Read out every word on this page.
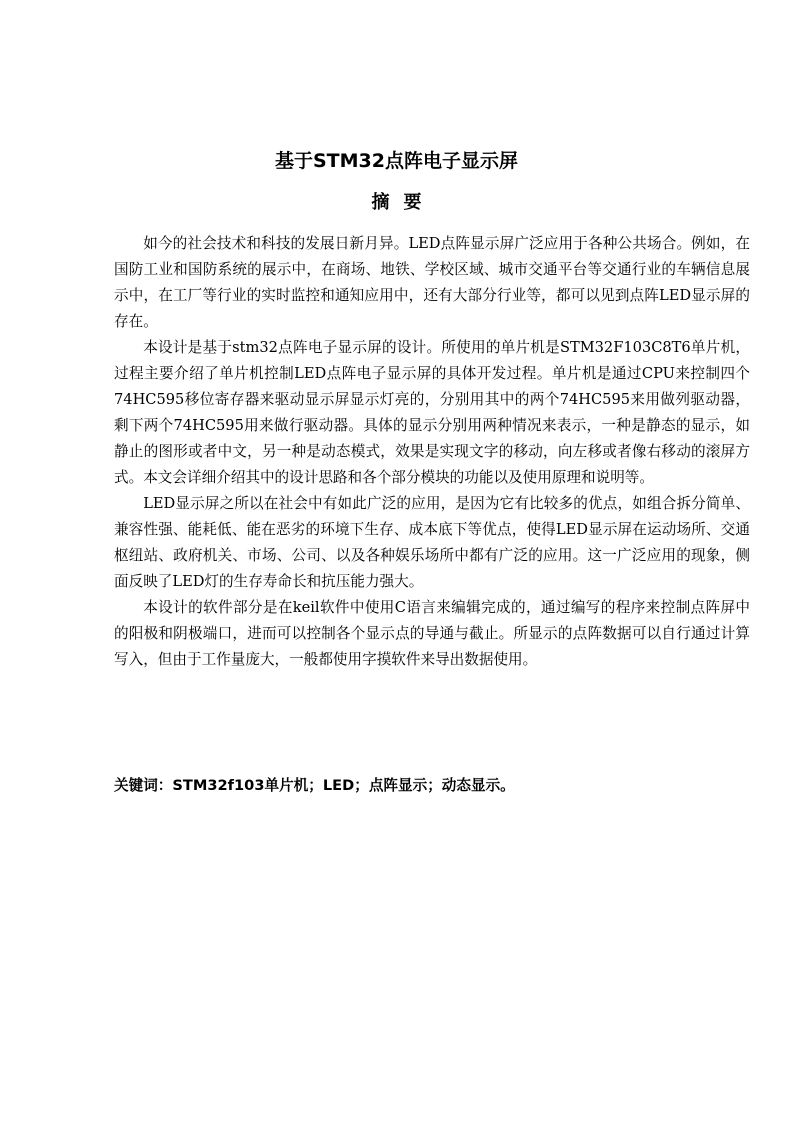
基于STM32点阵电子显示屏
摘要

如今的社会技术和科技的发展日新月异。LED点阵显示屏广泛应用于各种公共场合。例如，在国防工业和国防系统的展示中，在商场、地铁、学校区域、城市交通平台等交通行业的车辆信息展示中，在工厂等行业的实时监控和通知应用中，还有大部分行业等，都可以见到点阵LED显示屏的存在。

本设计是基于stm32点阵电子显示屏的设计。所使用的单片机是STM32F103C8T6单片机，过程主要介绍了单片机控制LED点阵电子显示屏的具体开发过程。单片机是通过CPU来控制四个74HC595移位寄存器来驱动显示屏显示灯亮的，分别用其中的两个74HC595来用做列驱动器，剩下两个74HC595用来做行驱动器。具体的显示分别用两种情况来表示，一种是静态的显示，如静止的图形或者中文，另一种是动态模式，效果是实现文字的移动，向左移或者像右移动的滚屏方式。本文会详细介绍其中的设计思路和各个部分模块的功能以及使用原理和说明等。

LED显示屏之所以在社会中有如此广泛的应用，是因为它有比较多的优点，如组合拆分简单、兼容性强、能耗低、能在恶劣的环境下生存、成本底下等优点，使得LED显示屏在运动场所、交通枢纽站、政府机关、市场、公司、以及各种娱乐场所中都有广泛的应用。这一广泛应用的现象，侧面反映了LED灯的生存寿命长和抗压能力强大。

本设计的软件部分是在keil软件中使用C语言来编辑完成的，通过编写的程序来控制点阵屏中的阳极和阴极端口，进而可以控制各个显示点的导通与截止。所显示的点阵数据可以自行通过计算写入，但由于工作量庞大，一般都使用字摸软件来导出数据使用。

关键词：STM32f103单片机；LED；点阵显示；动态显示。
